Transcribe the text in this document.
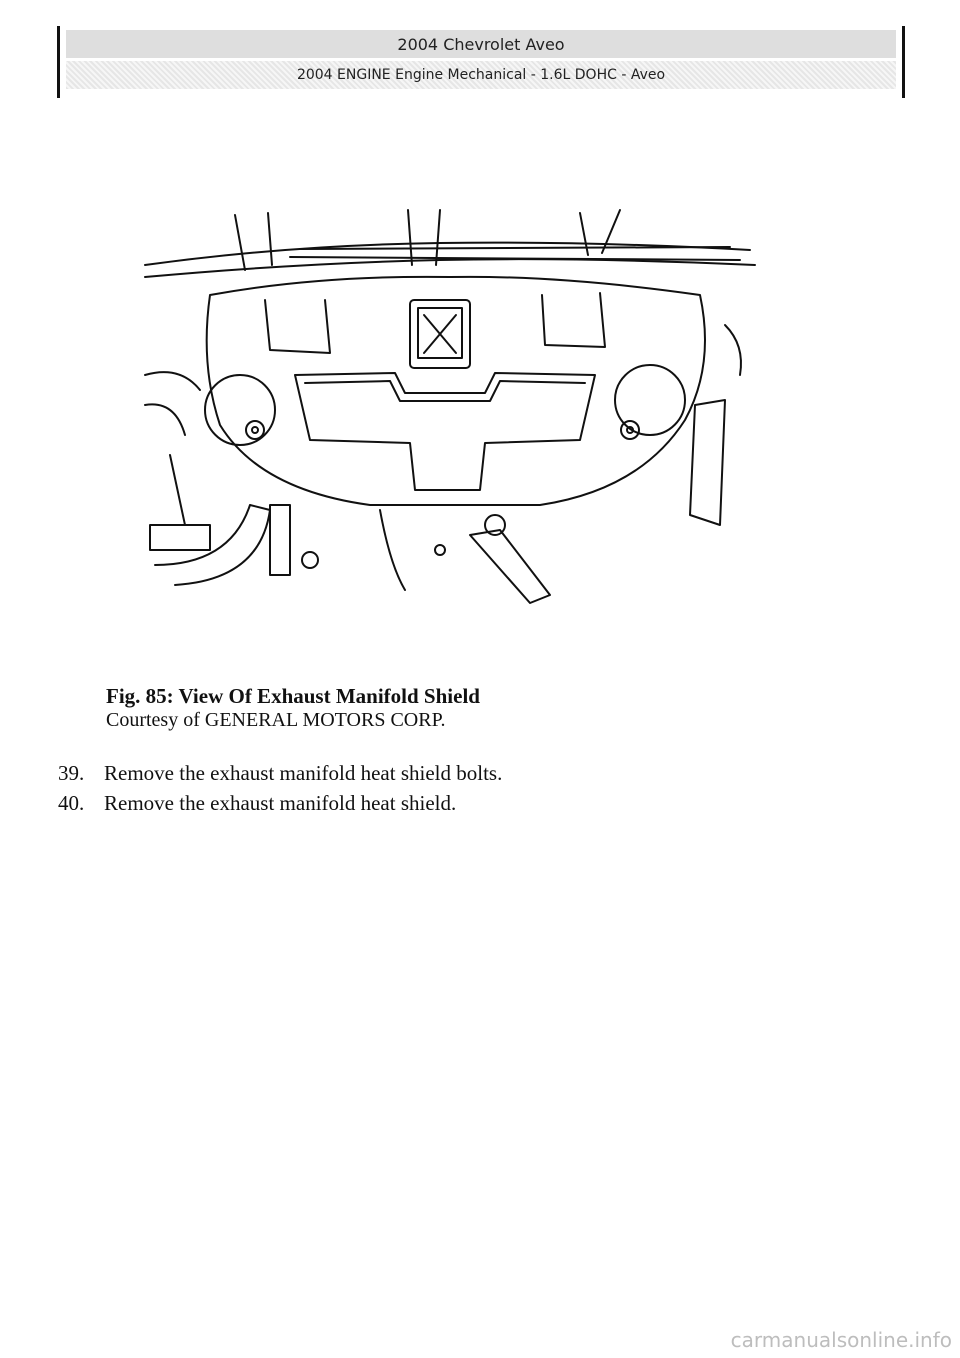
2004 Chevrolet Aveo
2004 ENGINE Engine Mechanical - 1.6L DOHC - Aveo
Fig. 85: View Of Exhaust Manifold Shield
Courtesy of GENERAL MOTORS CORP.
39. Remove the exhaust manifold heat shield bolts.
40. Remove the exhaust manifold heat shield.
carmanualsonline.info
